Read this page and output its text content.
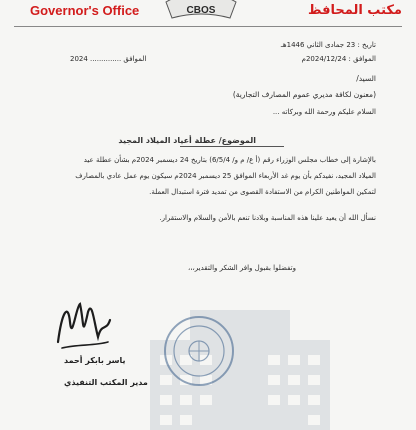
Governor's Office	CBOS	مكتب المحافظ
تاريخ : 23 جمادى الثاني 1446هـ
الموافق : 2024/12/24م
الموافق .............. 2024
السيد/
(معنون لكافة مديري عموم المصارف التجارية)
السلام عليكم ورحمة الله وبركاته ...
الموضوع/ عطلة أعياد الميلاد المجيد
بالإشارة إلى خطاب مجلس الوزراء رقم (أ ع/ م و/ 6/5/4) بتاريخ 24 ديسمبر 2024م بشأن عطلة عيد
الميلاد المجيد، نفيدكم بأن يوم غد الأربعاء الموافق 25 ديسمبر 2024م سيكون يوم عمل عادي بالمصارف
لتمكين المواطنين الكرام من الاستفادة القصوى من تمديد فترة استبدال العملة.
نسأل الله أن يعيد علينا هذه المناسبة وبلادنا تنعم بالأمن والسلام والاستقرار.
وتفضلوا بقبول وافر الشكر والتقدير،،،
ياسر بابكر أحمد
مدير المكتب التنفيذي
